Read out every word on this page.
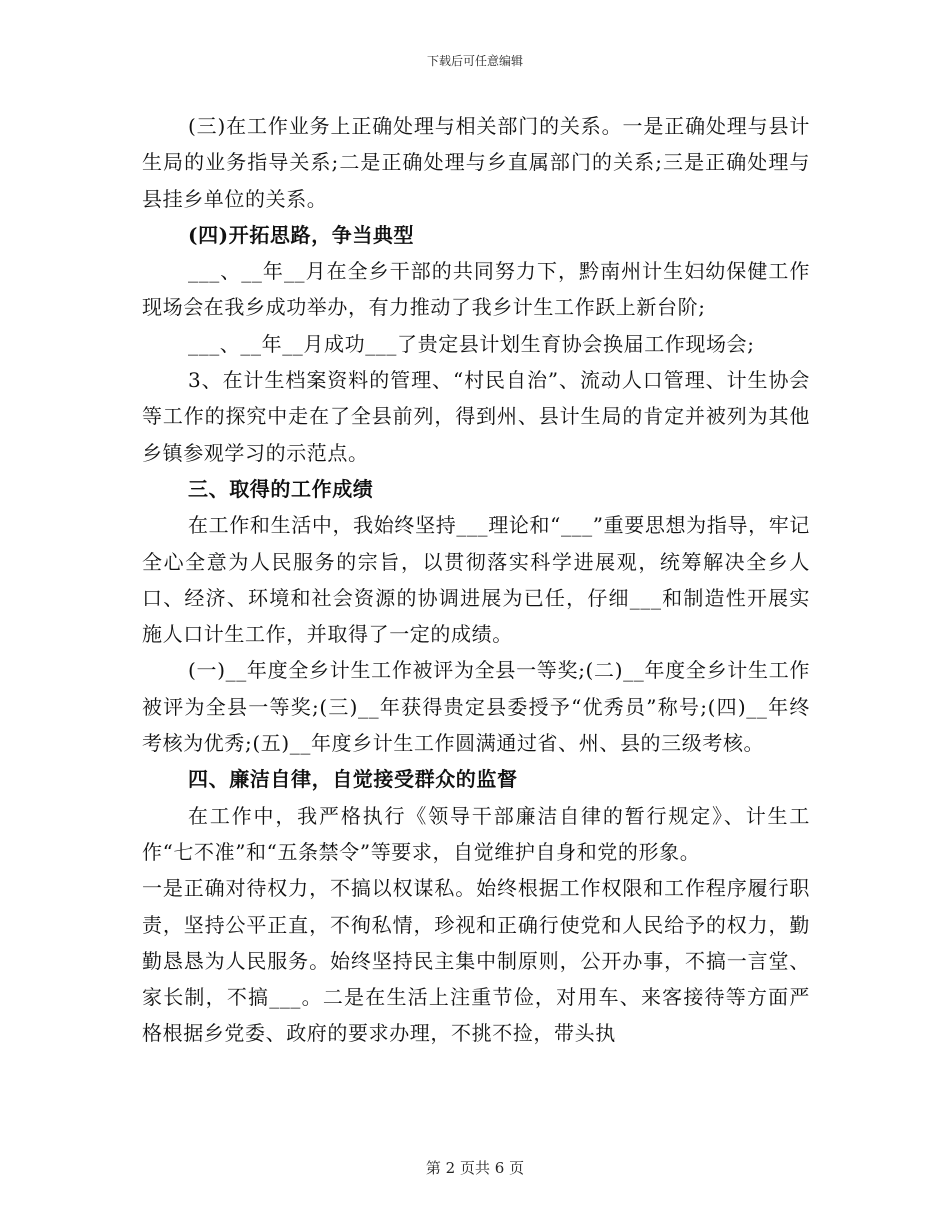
下载后可任意编辑

(三)在工作业务上正确处理与相关部门的关系。一是正确处理与县计生局的业务指导关系;二是正确处理与乡直属部门的关系;三是正确处理与县挂乡单位的关系。

(四)开拓思路，争当典型

___、__年__月在全乡干部的共同努力下，黔南州计生妇幼保健工作现场会在我乡成功举办，有力推动了我乡计生工作跃上新台阶;

___、__年__月成功___了贵定县计划生育协会换届工作现场会;

3、在计生档案资料的管理、“村民自治”、流动人口管理、计生协会等工作的探究中走在了全县前列，得到州、县计生局的肯定并被列为其他乡镇参观学习的示范点。

三、取得的工作成绩

在工作和生活中，我始终坚持___理论和“___”重要思想为指导，牢记全心全意为人民服务的宗旨，以贯彻落实科学进展观，统筹解决全乡人口、经济、环境和社会资源的协调进展为已任，仔细___和制造性开展实施人口计生工作，并取得了一定的成绩。

(一)__年度全乡计生工作被评为全县一等奖;(二)__年度全乡计生工作被评为全县一等奖;(三)__年获得贵定县委授予“优秀员”称号;(四)__年终考核为优秀;(五)__年度乡计生工作圆满通过省、州、县的三级考核。

四、廉洁自律，自觉接受群众的监督

在工作中，我严格执行《领导干部廉洁自律的暂行规定》、计生工作“七不准”和“五条禁令”等要求，自觉维护自身和党的形象。

一是正确对待权力，不搞以权谋私。始终根据工作权限和工作程序履行职责，坚持公平正直，不徇私情，珍视和正确行使党和人民给予的权力，勤勤恳恳为人民服务。始终坚持民主集中制原则，公开办事，不搞一言堂、家长制，不搞___。二是在生活上注重节俭，对用车、来客接待等方面严格根据乡党委、政府的要求办理，不挑不捡，带头执

第 2 页共 6 页
